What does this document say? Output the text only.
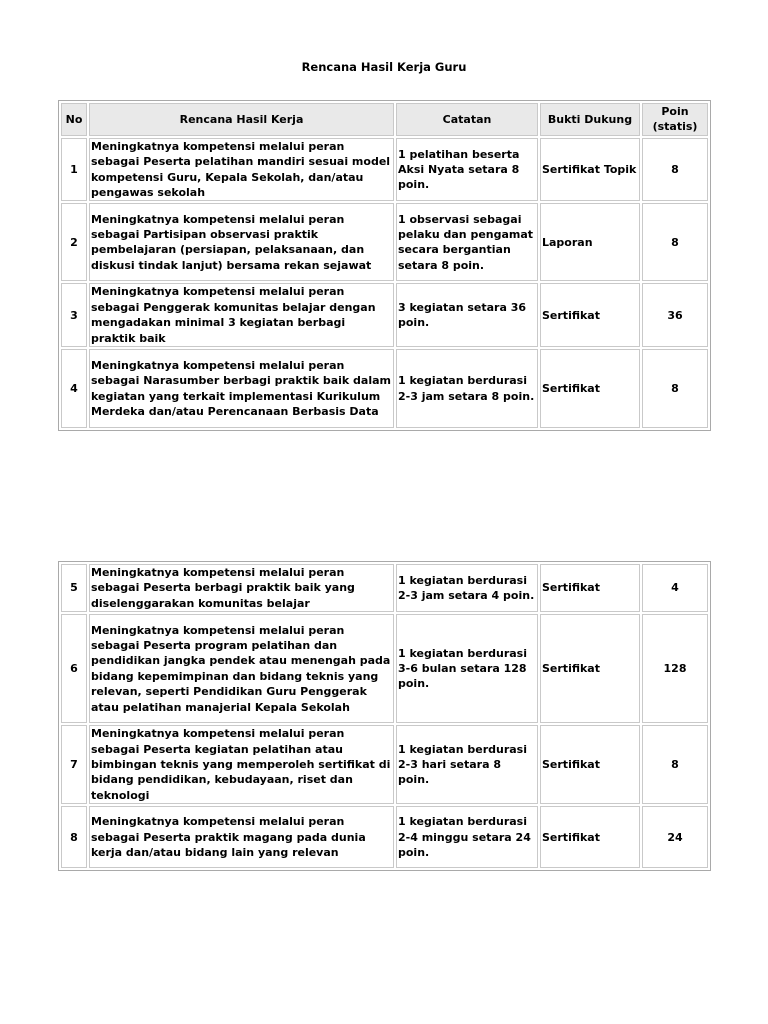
Rencana Hasil Kerja Guru
No	Rencana Hasil Kerja	Catatan	Bukti Dukung	Poin (statis)
1	Meningkatnya kompetensi melalui peran sebagai Peserta pelatihan mandiri sesuai model kompetensi Guru, Kepala Sekolah, dan/atau pengawas sekolah	1 pelatihan beserta Aksi Nyata setara 8 poin.	Sertifikat Topik	8
2	Meningkatnya kompetensi melalui peran sebagai Partisipan observasi praktik pembelajaran (persiapan, pelaksanaan, dan diskusi tindak lanjut) bersama rekan sejawat	1 observasi sebagai pelaku dan pengamat secara bergantian setara 8 poin.	Laporan	8
3	Meningkatnya kompetensi melalui peran sebagai Penggerak komunitas belajar dengan mengadakan minimal 3 kegiatan berbagi praktik baik	3 kegiatan setara 36 poin.	Sertifikat	36
4	Meningkatnya kompetensi melalui peran sebagai Narasumber berbagi praktik baik dalam kegiatan yang terkait implementasi Kurikulum Merdeka dan/atau Perencanaan Berbasis Data	1 kegiatan berdurasi 2-3 jam setara 8 poin.	Sertifikat	8
5	Meningkatnya kompetensi melalui peran sebagai Peserta berbagi praktik baik yang diselenggarakan komunitas belajar	1 kegiatan berdurasi 2-3 jam setara 4 poin.	Sertifikat	4
6	Meningkatnya kompetensi melalui peran sebagai Peserta program pelatihan dan pendidikan jangka pendek atau menengah pada bidang kepemimpinan dan bidang teknis yang relevan, seperti Pendidikan Guru Penggerak atau pelatihan manajerial Kepala Sekolah	1 kegiatan berdurasi 3-6 bulan setara 128 poin.	Sertifikat	128
7	Meningkatnya kompetensi melalui peran sebagai Peserta kegiatan pelatihan atau bimbingan teknis yang memperoleh sertifikat di bidang pendidikan, kebudayaan, riset dan teknologi	1 kegiatan berdurasi 2-3 hari setara 8 poin.	Sertifikat	8
8	Meningkatnya kompetensi melalui peran sebagai Peserta praktik magang pada dunia kerja dan/atau bidang lain yang relevan	1 kegiatan berdurasi 2-4 minggu setara 24 poin.	Sertifikat	24
